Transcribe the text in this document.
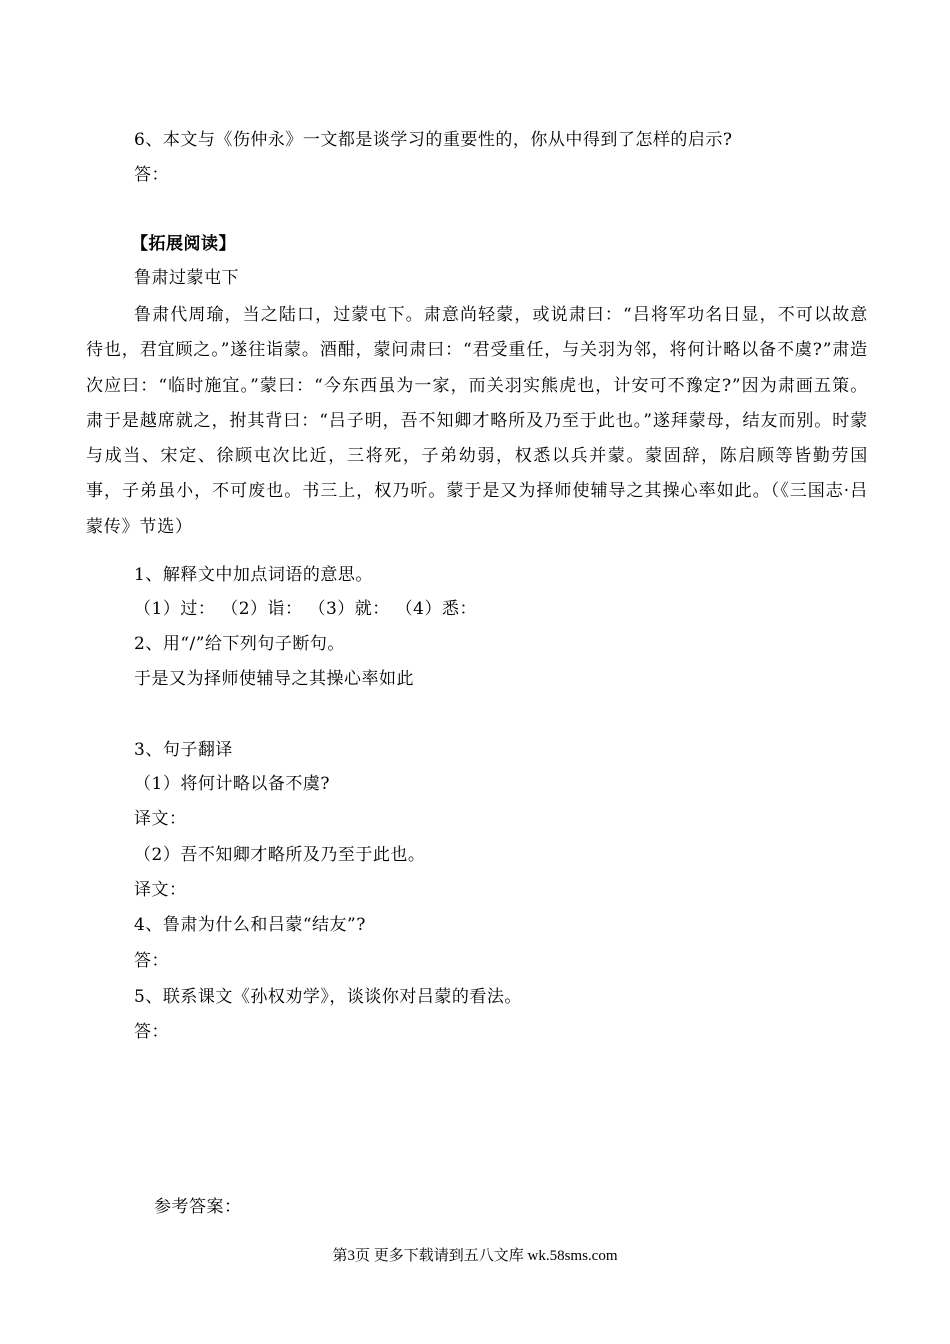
6、本文与《伤仲永》一文都是谈学习的重要性的，你从中得到了怎样的启示?
答：
【拓展阅读】
鲁肃过蒙屯下
鲁肃代周瑜，当之陆口，过蒙屯下。肃意尚轻蒙，或说肃曰：“吕将军功名日显，不可以故意待也，君宜顾之。”遂往诣蒙。酒酣，蒙问肃曰：“君受重任，与关羽为邻，将何计略以备不虞?”肃造次应曰：“临时施宜。”蒙曰：“今东西虽为一家，而关羽实熊虎也，计安可不豫定?”因为肃画五策。肃于是越席就之，拊其背曰：“吕子明，吾不知卿才略所及乃至于此也。”遂拜蒙母，结友而别。时蒙与成当、宋定、徐顾屯次比近，三将死，子弟幼弱，权悉以兵并蒙。蒙固辞，陈启顾等皆勤劳国事，子弟虽小，不可废也。书三上，权乃听。蒙于是又为择师使辅导之其操心率如此。（《三国志·吕蒙传》节选）
1、解释文中加点词语的意思。
（1）过： （2）诣： （3）就： （4）悉：
2、用“/”给下列句子断句。
于是又为择师使辅导之其操心率如此
3、句子翻译
（1）将何计略以备不虞?
译文：
（2）吾不知卿才略所及乃至于此也。
译文：
4、鲁肃为什么和吕蒙“结友”?
答：
5、联系课文《孙权劝学》，谈谈你对吕蒙的看法。
答：
参考答案：
第3页 更多下载请到五八文库 wk.58sms.com
